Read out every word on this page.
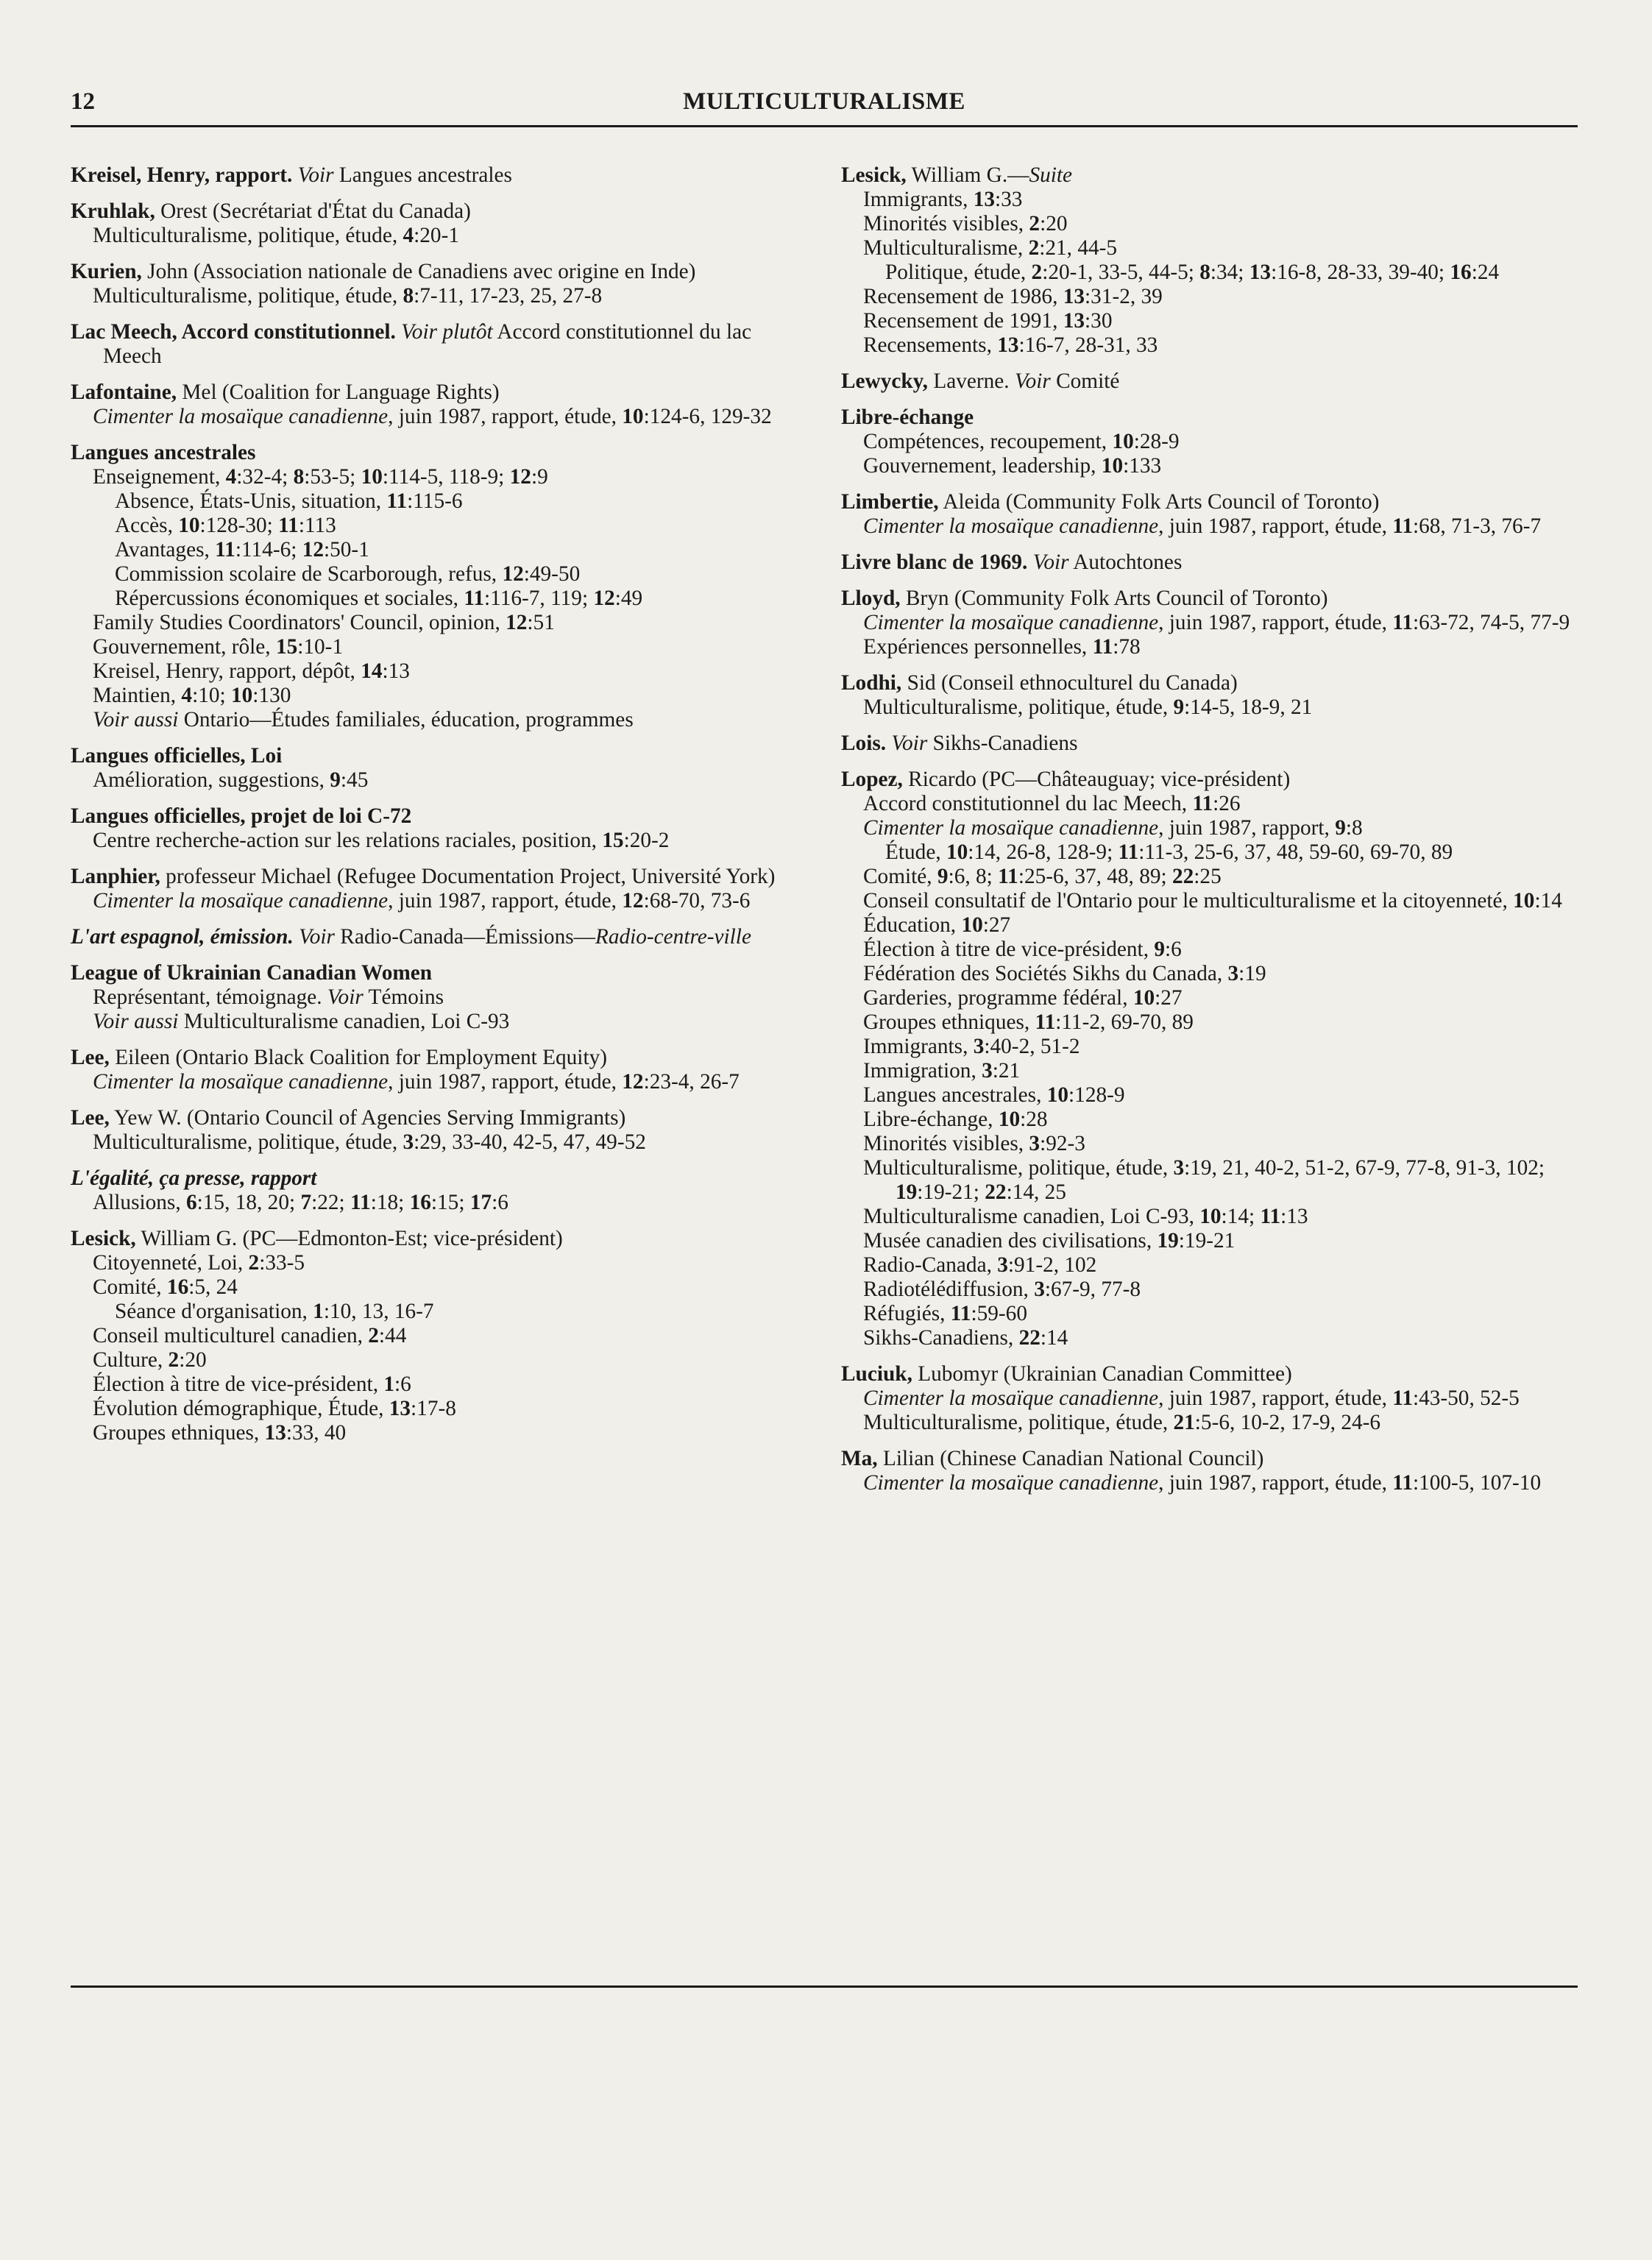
12	MULTICULTURALISME
Kreisel, Henry, rapport. Voir Langues ancestrales
Kruhlak, Orest (Secrétariat d'État du Canada)
Multiculturalisme, politique, étude, 4:20-1
Kurien, John (Association nationale de Canadiens avec origine en Inde)
Multiculturalisme, politique, étude, 8:7-11, 17-23, 25, 27-8
Lac Meech, Accord constitutionnel. Voir plutôt Accord constitutionnel du lac Meech
Lafontaine, Mel (Coalition for Language Rights)
Cimenter la mosaïque canadienne, juin 1987, rapport, étude, 10:124-6, 129-32
Langues ancestrales
Enseignement, 4:32-4; 8:53-5; 10:114-5, 118-9; 12:9
Absence, États-Unis, situation, 11:115-6
Accès, 10:128-30; 11:113
Avantages, 11:114-6; 12:50-1
Commission scolaire de Scarborough, refus, 12:49-50
Répercussions économiques et sociales, 11:116-7, 119; 12:49
Family Studies Coordinators' Council, opinion, 12:51
Gouvernement, rôle, 15:10-1
Kreisel, Henry, rapport, dépôt, 14:13
Maintien, 4:10; 10:130
Voir aussi Ontario—Études familiales, éducation, programmes
Langues officielles, Loi
Amélioration, suggestions, 9:45
Langues officielles, projet de loi C-72
Centre recherche-action sur les relations raciales, position, 15:20-2
Lanphier, professeur Michael (Refugee Documentation Project, Université York)
Cimenter la mosaïque canadienne, juin 1987, rapport, étude, 12:68-70, 73-6
L'art espagnol, émission. Voir Radio-Canada—Émissions—Radio-centre-ville
League of Ukrainian Canadian Women
Représentant, témoignage. Voir Témoins
Voir aussi Multiculturalisme canadien, Loi C-93
Lee, Eileen (Ontario Black Coalition for Employment Equity)
Cimenter la mosaïque canadienne, juin 1987, rapport, étude, 12:23-4, 26-7
Lee, Yew W. (Ontario Council of Agencies Serving Immigrants)
Multiculturalisme, politique, étude, 3:29, 33-40, 42-5, 47, 49-52
L'égalité, ça presse, rapport
Allusions, 6:15, 18, 20; 7:22; 11:18; 16:15; 17:6
Lesick, William G. (PC—Edmonton-Est; vice-président)
Citoyenneté, Loi, 2:33-5
Comité, 16:5, 24
Séance d'organisation, 1:10, 13, 16-7
Conseil multiculturel canadien, 2:44
Culture, 2:20
Élection à titre de vice-président, 1:6
Évolution démographique, Étude, 13:17-8
Groupes ethniques, 13:33, 40
Lesick, William G.—Suite
Immigrants, 13:33
Minorités visibles, 2:20
Multiculturalisme, 2:21, 44-5
Politique, étude, 2:20-1, 33-5, 44-5; 8:34; 13:16-8, 28-33, 39-40; 16:24
Recensement de 1986, 13:31-2, 39
Recensement de 1991, 13:30
Recensements, 13:16-7, 28-31, 33
Lewycky, Laverne. Voir Comité
Libre-échange
Compétences, recoupement, 10:28-9
Gouvernement, leadership, 10:133
Limbertie, Aleida (Community Folk Arts Council of Toronto)
Cimenter la mosaïque canadienne, juin 1987, rapport, étude, 11:68, 71-3, 76-7
Livre blanc de 1969. Voir Autochtones
Lloyd, Bryn (Community Folk Arts Council of Toronto)
Cimenter la mosaïque canadienne, juin 1987, rapport, étude, 11:63-72, 74-5, 77-9
Expériences personnelles, 11:78
Lodhi, Sid (Conseil ethnoculturel du Canada)
Multiculturalisme, politique, étude, 9:14-5, 18-9, 21
Lois. Voir Sikhs-Canadiens
Lopez, Ricardo (PC—Châteauguay; vice-président)
Accord constitutionnel du lac Meech, 11:26
Cimenter la mosaïque canadienne, juin 1987, rapport, 9:8
Étude, 10:14, 26-8, 128-9; 11:11-3, 25-6, 37, 48, 59-60, 69-70, 89
Comité, 9:6, 8; 11:25-6, 37, 48, 89; 22:25
Conseil consultatif de l'Ontario pour le multiculturalisme et la citoyenneté, 10:14
Éducation, 10:27
Élection à titre de vice-président, 9:6
Fédération des Sociétés Sikhs du Canada, 3:19
Garderies, programme fédéral, 10:27
Groupes ethniques, 11:11-2, 69-70, 89
Immigrants, 3:40-2, 51-2
Immigration, 3:21
Langues ancestrales, 10:128-9
Libre-échange, 10:28
Minorités visibles, 3:92-3
Multiculturalisme, politique, étude, 3:19, 21, 40-2, 51-2, 67-9, 77-8, 91-3, 102; 19:19-21; 22:14, 25
Multiculturalisme canadien, Loi C-93, 10:14; 11:13
Musée canadien des civilisations, 19:19-21
Radio-Canada, 3:91-2, 102
Radiotélédiffusion, 3:67-9, 77-8
Réfugiés, 11:59-60
Sikhs-Canadiens, 22:14
Luciuk, Lubomyr (Ukrainian Canadian Committee)
Cimenter la mosaïque canadienne, juin 1987, rapport, étude, 11:43-50, 52-5
Multiculturalisme, politique, étude, 21:5-6, 10-2, 17-9, 24-6
Ma, Lilian (Chinese Canadian National Council)
Cimenter la mosaïque canadienne, juin 1987, rapport, étude, 11:100-5, 107-10
